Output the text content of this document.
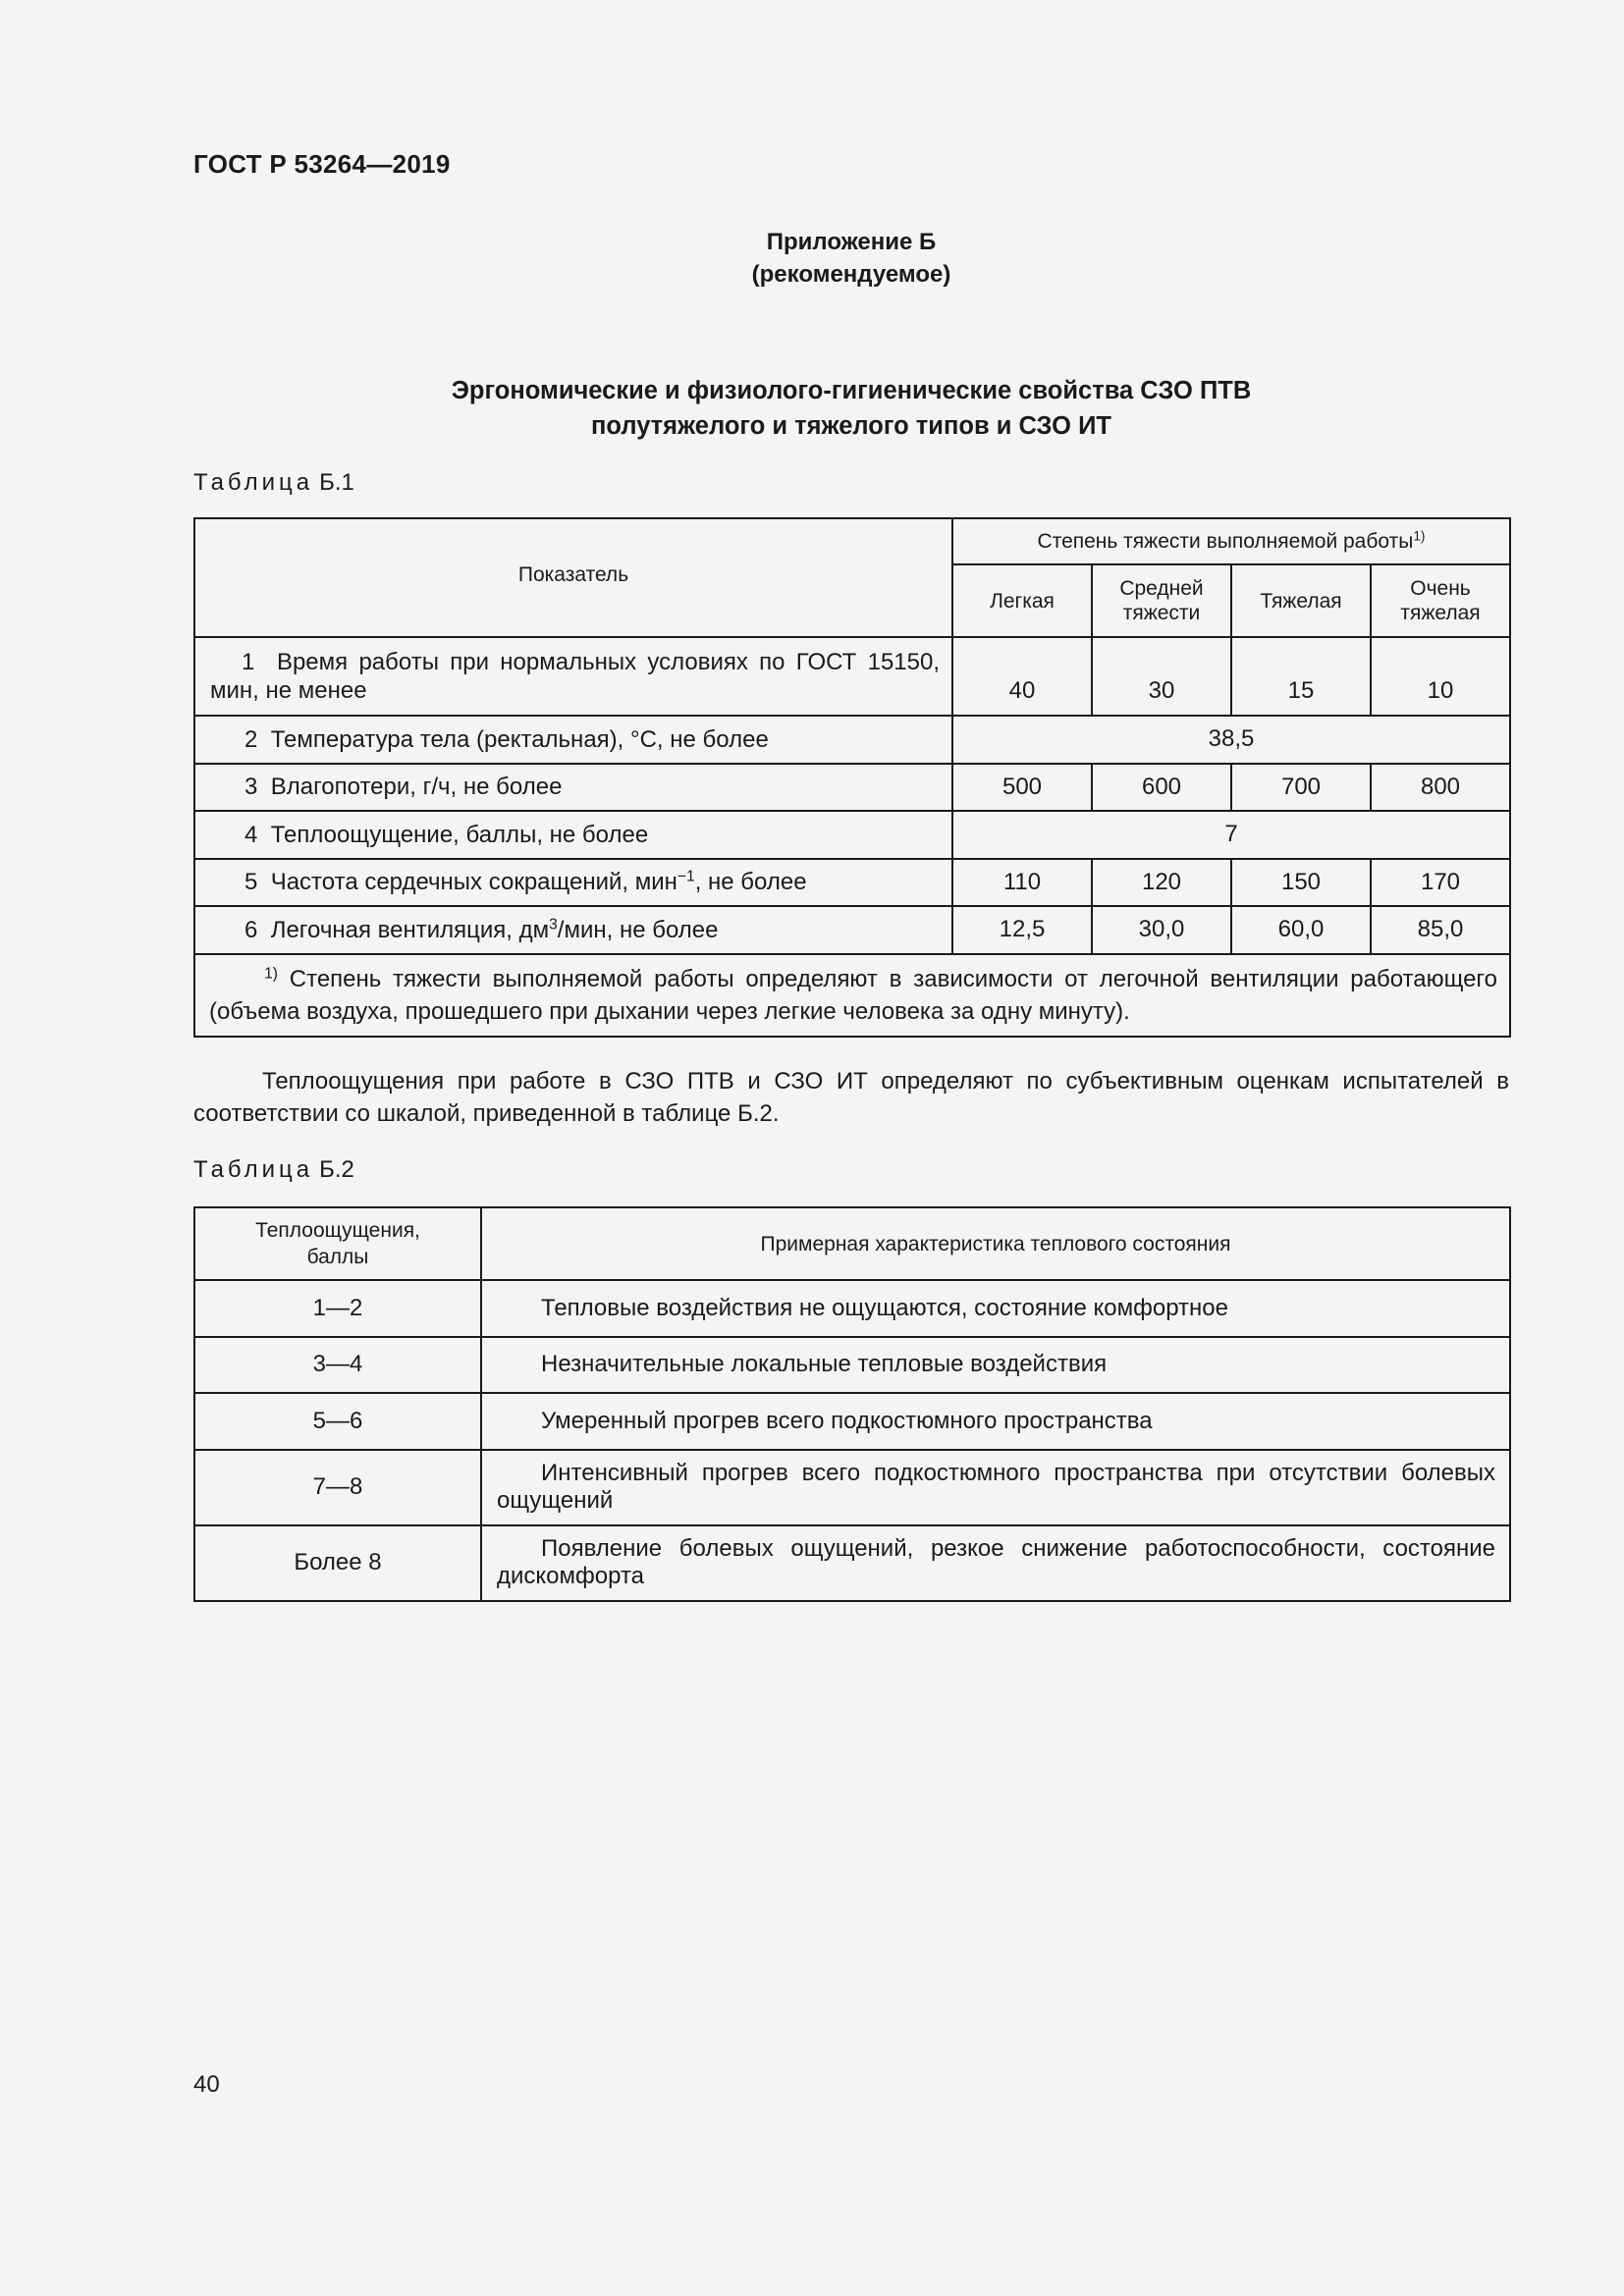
ГОСТ Р 53264—2019
Приложение Б
(рекомендуемое)
Эргономические и физиолого-гигиенические свойства СЗО ПТВ
полутяжелого и тяжелого типов и СЗО ИТ
Таблица Б.1
Показатель	Степень тяжести выполняемой работы$^{1)}$
	Легкая	Средней тяжести	Тяжелая	Очень тяжелая
1 Время работы при нормальных условиях по ГОСТ 15150, мин, не менее	40	30	15	10
2 Температура тела (ректальная), °С, не более	38,5			
3 Влагопотери, г/ч, не более	500	600	700	800
4 Теплоощущение, баллы, не более	7			
5 Частота сердечных сокращений, мин$^{-1}$, не более	110	120	150	170
6 Легочная вентиляция, $дм^3$/мин, не более	12,5	30,0	60,0	85,0
$^{1)}$ Степень тяжести выполняемой работы определяют в зависимости от легочной вентиляции работающего (объема воздуха, прошедшего при дыхании через легкие человека за одну минуту).				
Теплоощущения при работе в СЗО ПТВ и СЗО ИТ определяют по субъективным оценкам испытателей в соответствии со шкалой, приведенной в таблице Б.2.
Таблица Б.2
Теплоощущения, баллы	Примерная характеристика теплового состояния
1—2	Тепловые воздействия не ощущаются, состояние комфортное
3—4	Незначительные локальные тепловые воздействия
5—6	Умеренный прогрев всего подкостюмного пространства
7—8	Интенсивный прогрев всего подкостюмного пространства при отсутствии болевых ощущений
Более 8	Появление болевых ощущений, резкое снижение работоспособности, состояние дискомфорта
40
